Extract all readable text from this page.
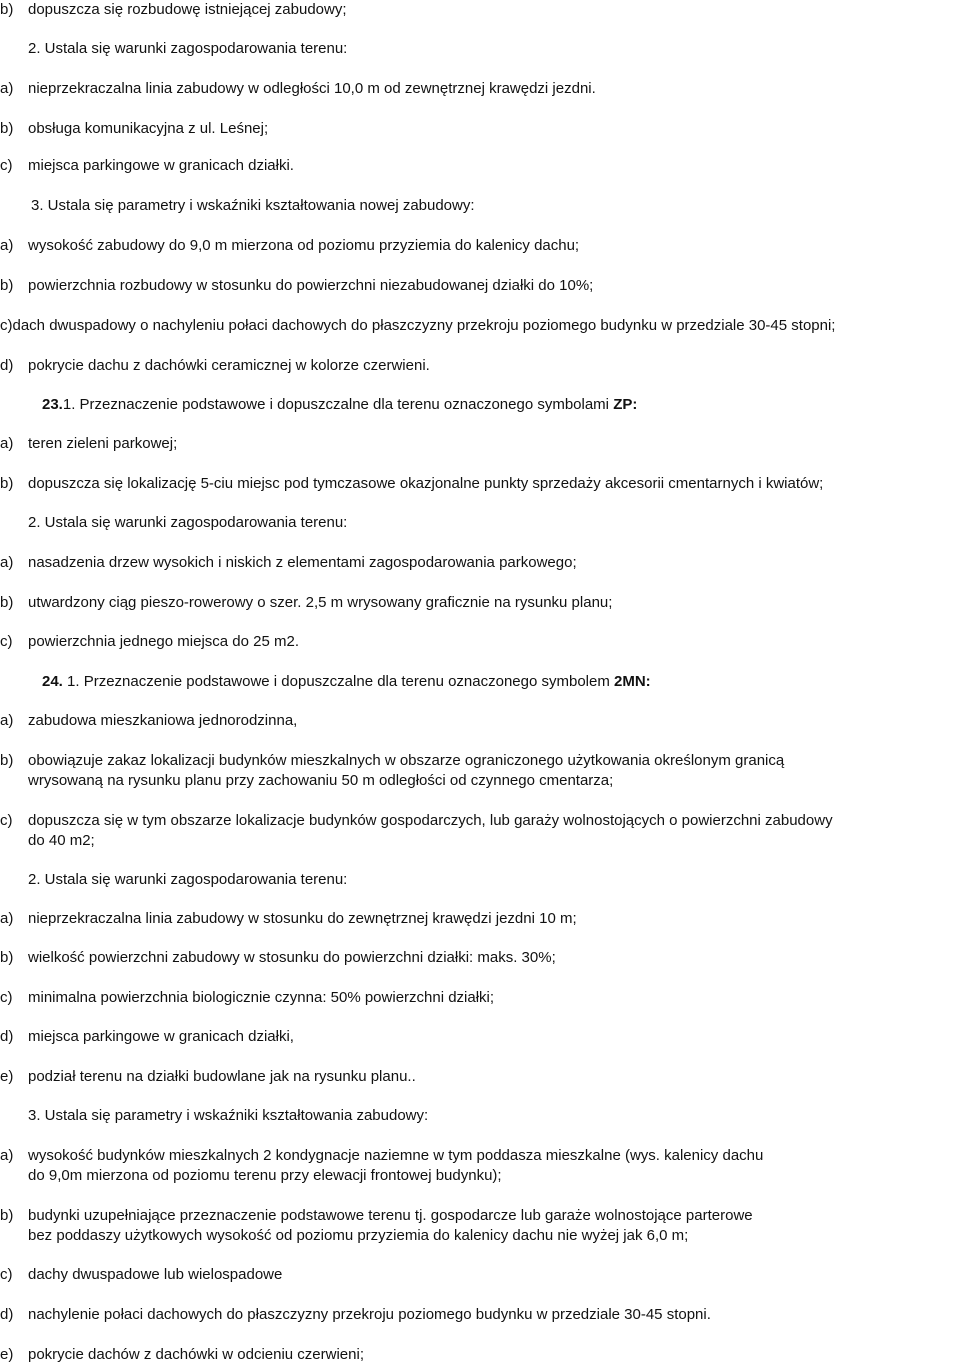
b) dopuszcza się rozbudowę istniejącej zabudowy;
2. Ustala się warunki zagospodarowania terenu:
a) nieprzekraczalna linia zabudowy w odległości 10,0 m od zewnętrznej krawędzi jezdni.
b) obsługa komunikacyjna z ul. Leśnej;
c) miejsca parkingowe w granicach działki.
3. Ustala się parametry i wskaźniki kształtowania nowej zabudowy:
a) wysokość zabudowy do 9,0 m mierzona od poziomu przyziemia do kalenicy dachu;
b) powierzchnia rozbudowy w stosunku do powierzchni niezabudowanej działki do 10%;
c)dach dwuspadowy o nachyleniu połaci dachowych do płaszczyzny przekroju poziomego budynku w przedziale 30-45 stopni;
d) pokrycie dachu z dachówki ceramicznej w kolorze czerwieni.
23.1. Przeznaczenie podstawowe i dopuszczalne dla terenu oznaczonego symbolami ZP:
a) teren zieleni parkowej;
b) dopuszcza się lokalizację 5-ciu miejsc pod tymczasowe okazjonalne punkty sprzedaży akcesorii cmentarnych i kwiatów;
2. Ustala się warunki zagospodarowania terenu:
a) nasadzenia drzew wysokich i niskich z elementami zagospodarowania parkowego;
b) utwardzony ciąg pieszo-rowerowy o szer. 2,5 m wrysowany graficznie na rysunku planu;
c) powierzchnia jednego miejsca do 25 m2.
24. 1. Przeznaczenie podstawowe i dopuszczalne dla terenu oznaczonego symbolem 2MN:
a) zabudowa mieszkaniowa jednorodzinna,
b) obowiązuje zakaz lokalizacji budynków mieszkalnych w obszarze ograniczonego użytkowania określonym granicą
wrysowaną na rysunku planu przy zachowaniu 50 m odległości od czynnego cmentarza;
c) dopuszcza się w tym obszarze lokalizacje budynków gospodarczych, lub garaży wolnostojących o powierzchni zabudowy
do 40 m2;
2. Ustala się warunki zagospodarowania terenu:
a) nieprzekraczalna linia zabudowy w stosunku do zewnętrznej krawędzi jezdni 10 m;
b) wielkość powierzchni zabudowy w stosunku do powierzchni działki: maks. 30%;
c) minimalna powierzchnia biologicznie czynna: 50% powierzchni działki;
d) miejsca parkingowe w granicach działki,
e) podział terenu na działki budowlane jak na rysunku planu..
3. Ustala się parametry i wskaźniki kształtowania zabudowy:
a) wysokość budynków mieszkalnych 2 kondygnacje naziemne w tym poddasza mieszkalne (wys. kalenicy dachu
do 9,0m mierzona od poziomu terenu przy elewacji frontowej budynku);
b) budynki uzupełniające przeznaczenie podstawowe terenu tj. gospodarcze lub garaże wolnostojące parterowe
bez poddaszy użytkowych wysokość od poziomu przyziemia do kalenicy dachu nie wyżej jak 6,0 m;
c) dachy dwuspadowe lub wielospadowe
d) nachylenie połaci dachowych do płaszczyzny przekroju poziomego budynku w przedziale 30-45 stopni.
e) pokrycie dachów z dachówki w odcieniu czerwieni;
